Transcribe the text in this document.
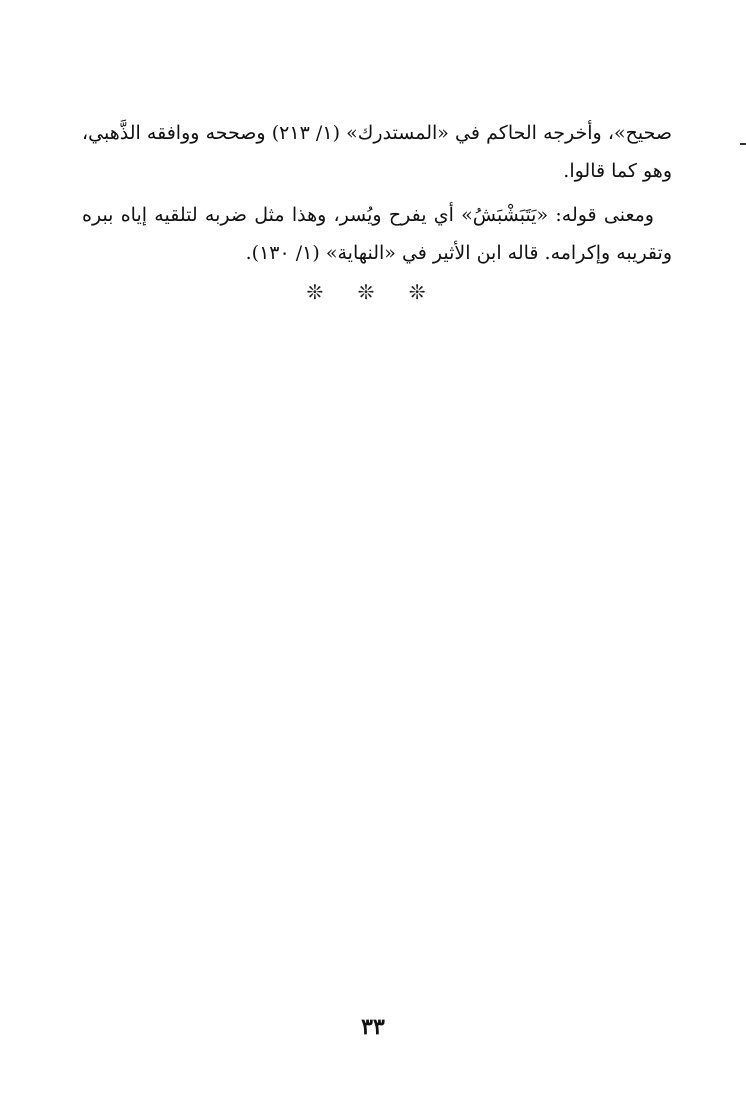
صحيح»، وأخرجه الحاكم في «المستدرك» (١/ ٢١٣) وصححه ووافقه الذَّهبي، وهو كما قالوا.

ومعنى قوله: «يَتَبَشْبَشُ» أي يفرح ويُسر، وهذا مثل ضربه لتلقيه إياه ببره وتقريبه وإكرامه. قاله ابن الأثير في «النهاية» (١/ ١٣٠).

❊ ❊ ❊
٣٣
